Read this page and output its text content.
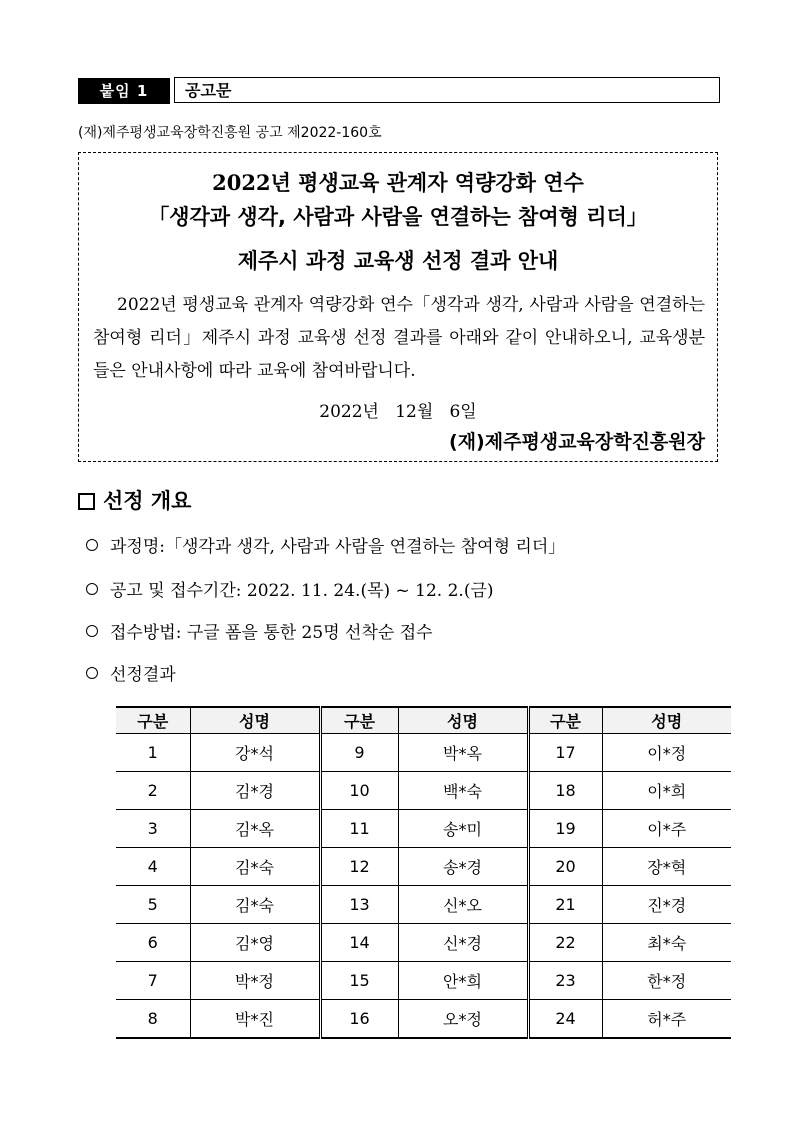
붙임 1	공고문
(재)제주평생교육장학진흥원 공고 제2022-160호
2022년 평생교육 관계자 역량강화 연수
「생각과 생각, 사람과 사람을 연결하는 참여형 리더」
제주시 과정 교육생 선정 결과 안내
2022년 평생교육 관계자 역량강화 연수「생각과 생각, 사람과 사람을 연결하는 참여형 리더」제주시 과정 교육생 선정 결과를 아래와 같이 안내하오니, 교육생분들은 안내사항에 따라 교육에 참여바랍니다.
2022년   12월   6일
(재)제주평생교육장학진흥원장
선정 개요
과정명:「생각과 생각, 사람과 사람을 연결하는 참여형 리더」
공고 및 접수기간: 2022. 11. 24.(목) ~ 12. 2.(금)
접수방법: 구글 폼을 통한 25명 선착순 접수
선정결과
구분	성명	구분	성명	구분	성명
1	강*석	9	박*옥	17	이*정
2	김*경	10	백*숙	18	이*희
3	김*옥	11	송*미	19	이*주
4	김*숙	12	송*경	20	장*혁
5	김*숙	13	신*오	21	진*경
6	김*영	14	신*경	22	최*숙
7	박*정	15	안*희	23	한*정
8	박*진	16	오*정	24	허*주
